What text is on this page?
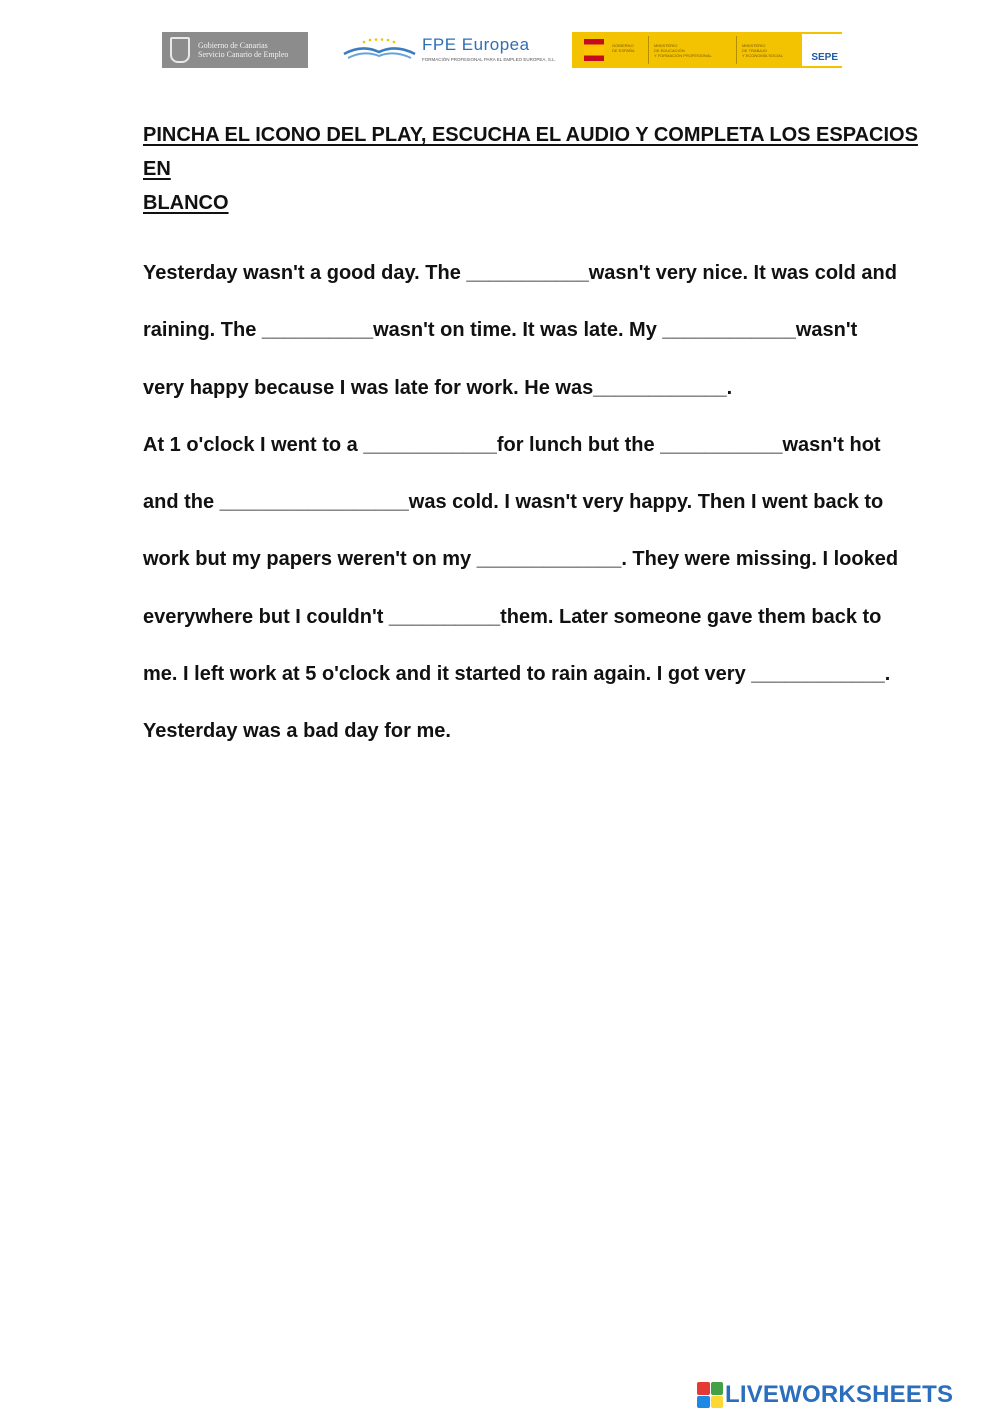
Gobierno de Canarias
Servicio Canario de Empleo
FPE Europea
FORMACIÓN PROFESIONAL PARA EL EMPLEO EUROPEA, S.L.
GOBIERNO
DE ESPAÑA
MINISTERIO
DE EDUCACIÓN
Y FORMACIÓN PROFESIONAL
MINISTERIO
DE TRABAJO
Y ECONOMÍA SOCIAL	SEPE
PINCHA EL ICONO DEL PLAY, ESCUCHA EL AUDIO Y COMPLETA LOS ESPACIOS EN
BLANCO
Yesterday wasn't a good day. The ___________wasn't very nice. It was cold and
raining. The __________wasn't on time. It was late. My ____________wasn't
very happy because I was late for work. He was____________.
At 1 o'clock I went to a ____________for lunch but the ___________wasn't hot
and the _________________was cold. I wasn't very happy. Then I went back to
work but my papers weren't on my _____________. They were missing. I looked
everywhere but I couldn't __________them. Later someone gave them back to
me. I left work at 5 o'clock and it started to rain again. I got very ____________.
Yesterday was a bad day for me.
LIVEWORKSHEETS
